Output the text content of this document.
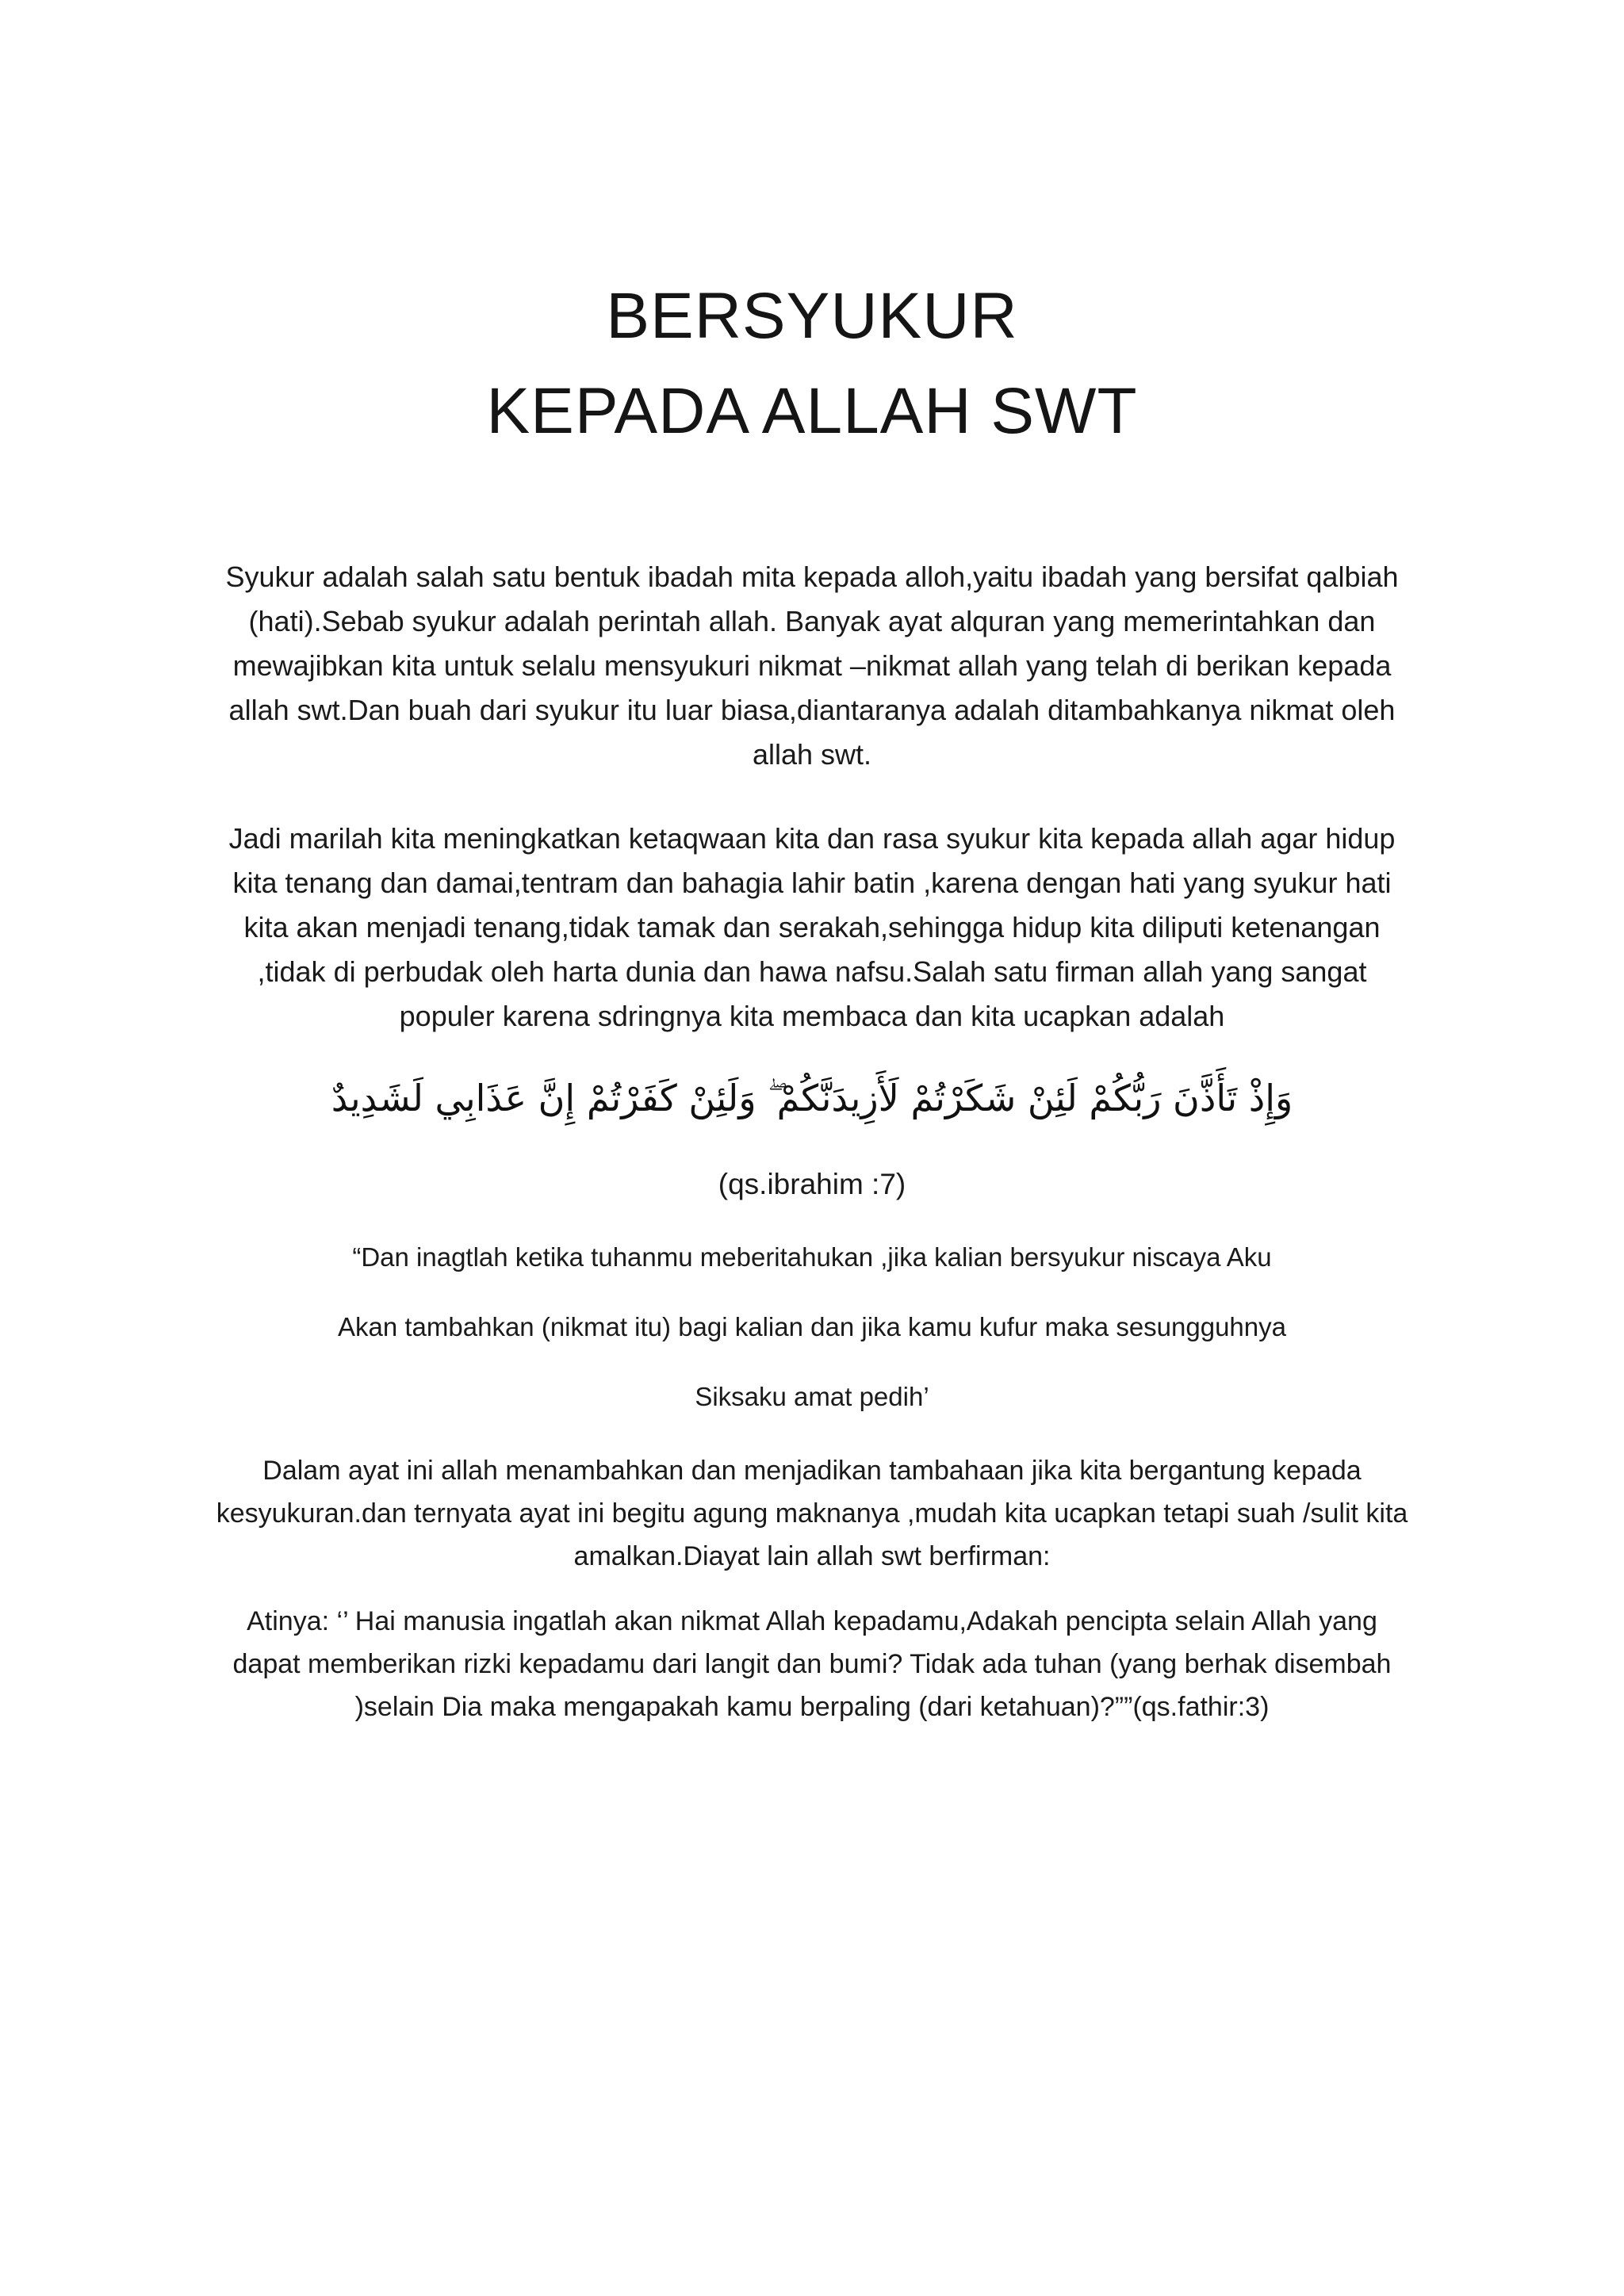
BERSYUKUR
KEPADA ALLAH SWT
Syukur adalah salah satu bentuk ibadah mita kepada alloh,yaitu ibadah yang bersifat qalbiah
(hati).Sebab syukur adalah perintah allah. Banyak ayat alquran yang memerintahkan dan
mewajibkan kita untuk selalu mensyukuri nikmat –nikmat allah yang telah di berikan kepada
allah swt.Dan buah dari syukur itu luar biasa,diantaranya adalah ditambahkanya nikmat oleh
allah swt.
Jadi marilah kita meningkatkan ketaqwaan kita dan rasa syukur kita kepada allah agar hidup
kita tenang dan damai,tentram dan bahagia lahir batin ,karena dengan hati yang syukur hati
kita akan menjadi tenang,tidak tamak dan serakah,sehingga hidup kita diliputi ketenangan
,tidak di perbudak oleh harta dunia dan hawa nafsu.Salah satu firman allah yang sangat
populer karena sdringnya kita membaca dan kita ucapkan adalah
وَإِذْ تَأَذَّنَ رَبُّكُمْ لَئِنْ شَكَرْتُمْ لَأَزِيدَنَّكُمْ ۖ وَلَئِنْ كَفَرْتُمْ إِنَّ عَذَابِي لَشَدِيدٌ
(qs.ibrahim :7)
“Dan inagtlah ketika tuhanmu meberitahukan ,jika kalian bersyukur niscaya Aku
Akan tambahkan (nikmat itu) bagi kalian dan jika kamu kufur maka sesungguhnya
Siksaku amat pedih’
Dalam ayat ini allah menambahkan dan menjadikan tambahaan jika kita bergantung kepada
kesyukuran.dan ternyata ayat ini begitu agung maknanya ,mudah kita ucapkan tetapi suah /sulit kita
amalkan.Diayat lain allah swt berfirman:
Atinya: ‘’ Hai manusia ingatlah akan nikmat Allah kepadamu,Adakah pencipta selain Allah yang
dapat memberikan rizki kepadamu dari langit dan bumi? Tidak ada tuhan (yang berhak disembah
)selain Dia maka mengapakah kamu berpaling (dari ketahuan)?””(qs.fathir:3)
